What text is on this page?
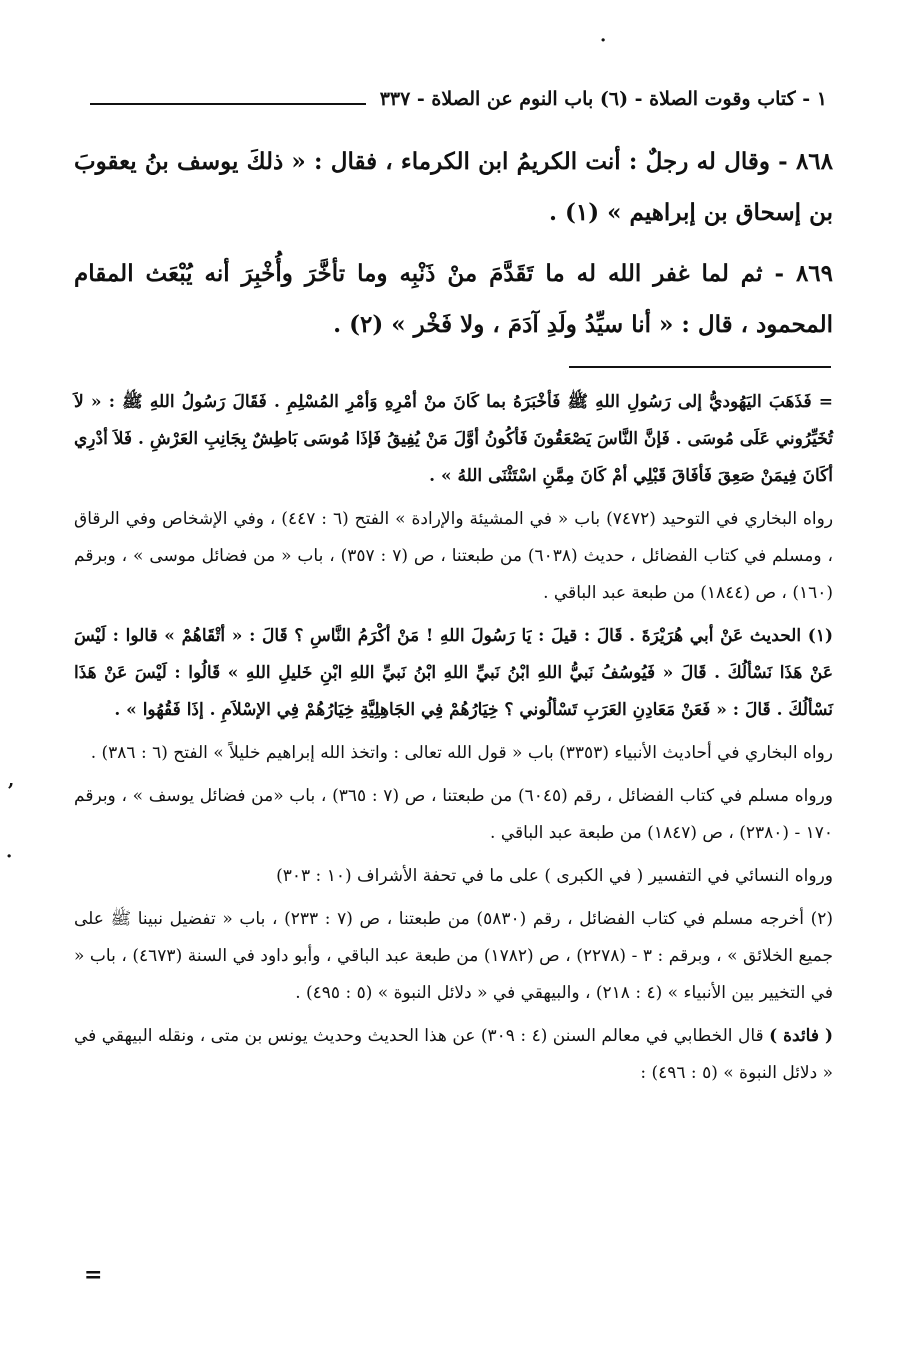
١ - كتاب وقوت الصلاة - (٦) باب النوم عن الصلاة - ٣٣٧

٨٦٨ - وقال له رجلٌ : أنت الكريمُ ابن الكرماء ، فقال : « ذلكَ يوسف بنُ يعقوبَ بن إسحاق بن إبراهيم » (١) .

٨٦٩ - ثم لما غفر الله له ما تَقَدَّمَ منْ ذَنْبِه وما تأخَّرَ وأُخْبِرَ أنه يُبْعَث المقام المحمود ، قال : « أنا سيِّدُ ولَدِ آدَمَ ، ولا فَخْر » (٢) .

= فَذَهَبَ اليَهُوديُّ إلى رَسُولِ اللهِ ﷺ فَأخْبَرَهُ بما كَانَ منْ أمْرِهِ وَأمْرِ المُسْلِمِ . فَقَالَ رَسُولُ اللهِ ﷺ : « لاَ تُخَيِّرُوني عَلَى مُوسَى . فَإنَّ النَّاسَ يَصْعَقُونَ فَأكُونُ أوَّلَ مَنْ يُفِيقُ فَإذَا مُوسَى بَاطِشٌ بِجَانِبِ العَرْشِ . فَلاَ أدْرِي أكَانَ فِيمَنْ صَعِقَ فَأفَاقَ قَبْلِي أمْ كَانَ مِمَّنِ اسْتَثْنَى اللهُ » .

رواه البخاري في التوحيد (٧٤٧٢) باب « في المشيئة والإرادة » الفتح (٦ : ٤٤٧) ، وفي الإشخاص وفي الرقاق ، ومسلم في كتاب الفضائل ، حديث (٦٠٣٨) من طبعتنا ، ص (٧ : ٣٥٧) ، باب « من فضائل موسى » ، وبرقم (١٦٠) ، ص (١٨٤٤) من طبعة عبد الباقي .

(١) الحديث عَنْ أبي هُرَيْرَةَ . قَالَ : قيلَ : يَا رَسُولَ اللهِ ! مَنْ أكْرَمُ النَّاسِ ؟ قَالَ : « أتْقَاهُمْ » قالوا : لَيْسَ عَنْ هَذَا نَسْألُكَ . قَالَ « فَيُوسُفُ نَبيُّ اللهِ ابْنُ نَبيِّ اللهِ ابْنُ نَبيِّ اللهِ ابْنِ خَليلِ اللهِ » قَالُوا : لَيْسَ عَنْ هَذَا نَسْألُكَ . قَالَ : « فَعَنْ مَعَادِنِ العَرَبِ تَسْألُوني ؟ خِيَارُهُمْ فِي الجَاهِلِيَّةِ خِيَارُهُمْ فِي الإسْلاَمِ . إذَا فَقُهُوا » .

رواه البخاري في أحاديث الأنبياء (٣٣٥٣) باب « قول الله تعالى : واتخذ الله إبراهيم خليلاً » الفتح (٦ : ٣٨٦) .

ورواه مسلم في كتاب الفضائل ، رقم (٦٠٤٥) من طبعتنا ، ص (٧ : ٣٦٥) ، باب «من فضائل يوسف » ، وبرقم ١٧٠ - (٢٣٨٠) ، ص (١٨٤٧) من طبعة عبد الباقي .

ورواه النسائي في التفسير ( في الكبرى ) على ما في تحفة الأشراف (١٠ : ٣٠٣)

(٢) أخرجه مسلم في كتاب الفضائل ، رقم (٥٨٣٠) من طبعتنا ، ص (٧ : ٢٣٣) ، باب « تفضيل نبينا ﷺ على جميع الخلائق » ، وبرقم : ٣ - (٢٢٧٨) ، ص (١٧٨٢) من طبعة عبد الباقي ، وأبو داود في السنة (٤٦٧٣) ، باب « في التخيير بين الأنبياء » (٤ : ٢١٨) ، والبيهقي في « دلائل النبوة » (٥ : ٤٩٥) .

( فائدة ) قال الخطابي في معالم السنن (٤ : ٣٠٩) عن هذا الحديث وحديث يونس بن متى ، ونقله البيهقي في « دلائل النبوة » (٥ : ٤٩٦) :

=
·
,
·
